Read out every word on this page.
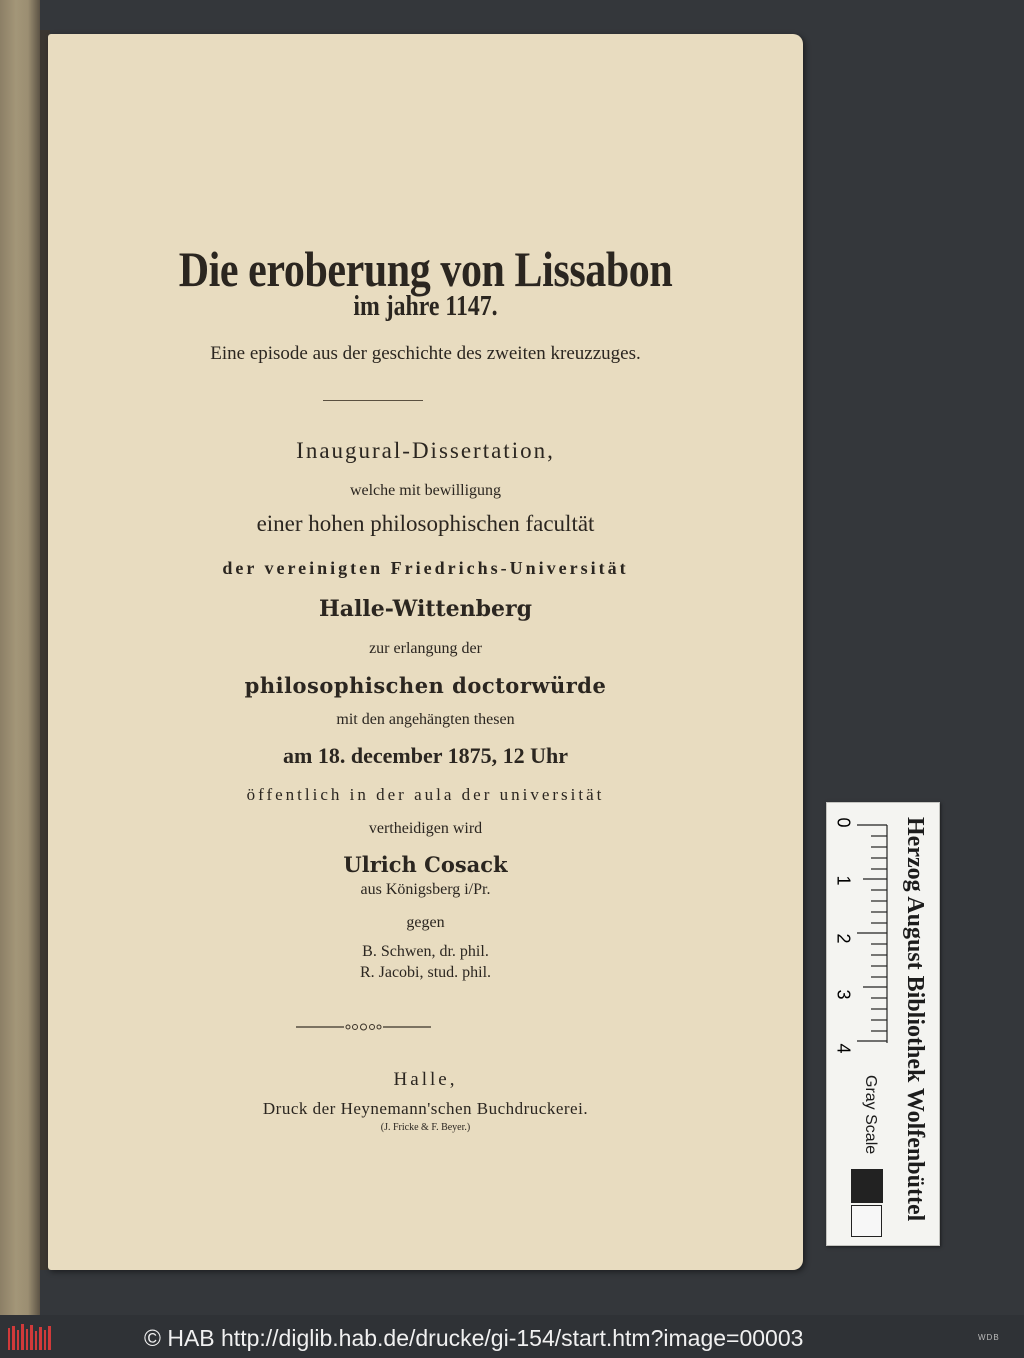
Die eroberung von Lissabon
im jahre 1147.
Eine episode aus der geschichte des zweiten kreuzzuges.
Inaugural-Dissertation,
welche mit bewilligung
einer hohen philosophischen facultät
der vereinigten Friedrichs-Universität
Halle-Wittenberg
zur erlangung der
philosophischen doctorwürde
mit den angehängten thesen
am 18. december 1875, 12 Uhr
öffentlich in der aula der universität
vertheidigen wird
Ulrich Cosack
aus Königsberg i/Pr.
gegen
B. Schwen, dr. phil.
R. Jacobi, stud. phil.
Halle,
Druck der Heynemann'schen Buchdruckerei.
(J. Fricke & F. Beyer.)
0
1
2
3
4
Gray Scale Herzog August Bibliothek Wolfenbüttel
© HAB http://diglib.hab.de/drucke/gi-154/start.htm?image=00003	WDB
